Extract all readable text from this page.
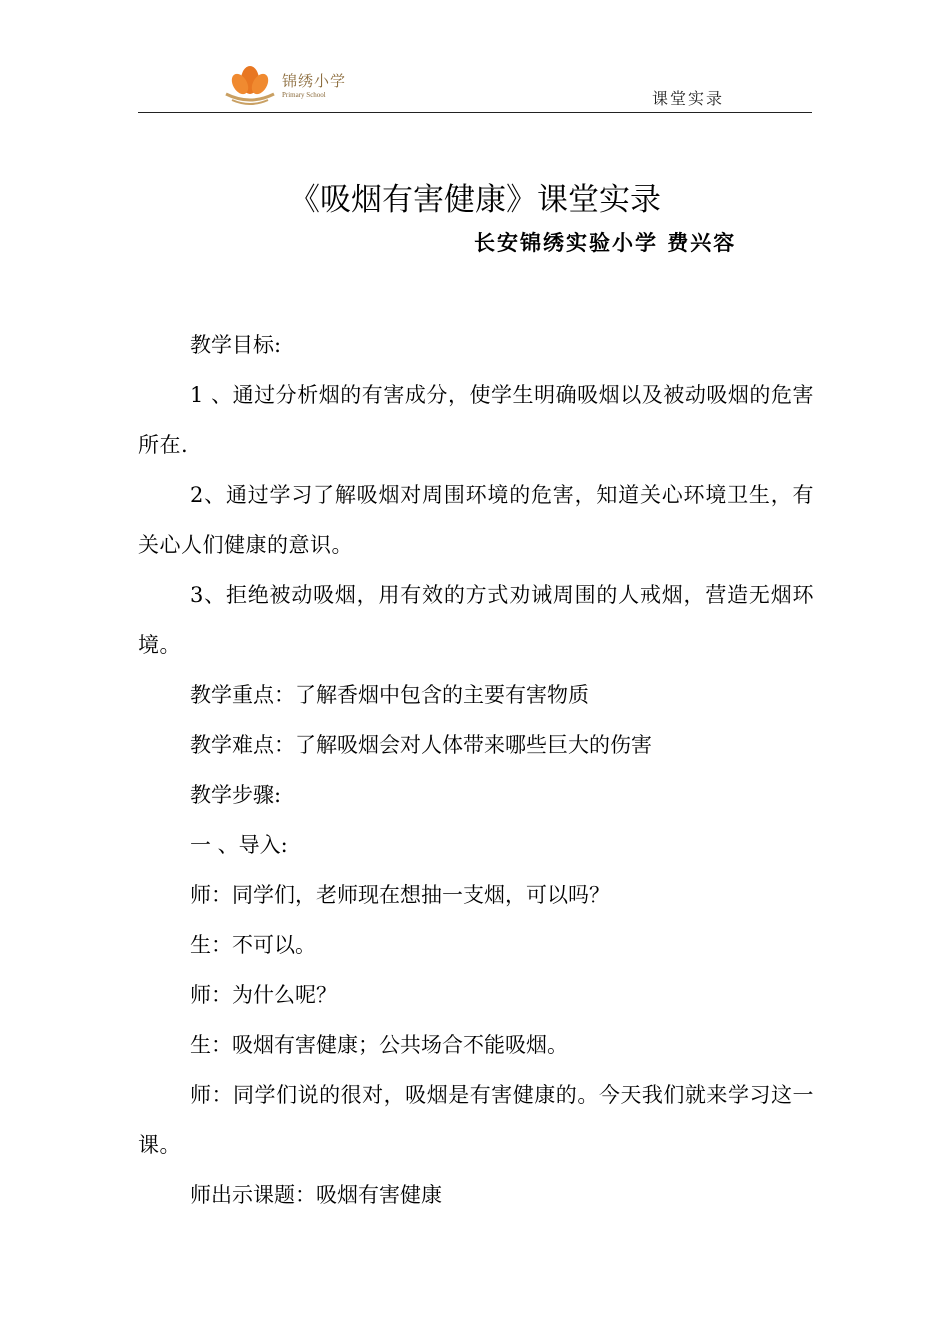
锦绣小学
Primary School	课堂实录
《吸烟有害健康》课堂实录
长安锦绣实验小学 费兴容

教学目标:

1 、通过分析烟的有害成分，使学生明确吸烟以及被动吸烟的危害所在.

2、通过学习了解吸烟对周围环境的危害，知道关心环境卫生，有关心人们健康的意识。

3、拒绝被动吸烟，用有效的方式劝诫周围的人戒烟，营造无烟环境。

教学重点：了解香烟中包含的主要有害物质

教学难点：了解吸烟会对人体带来哪些巨大的伤害

教学步骤:

一 、导入:

师：同学们，老师现在想抽一支烟，可以吗？

生：不可以。

师：为什么呢？

生：吸烟有害健康；公共场合不能吸烟。

师：同学们说的很对，吸烟是有害健康的。今天我们就来学习这一课。

师出示课题：吸烟有害健康
